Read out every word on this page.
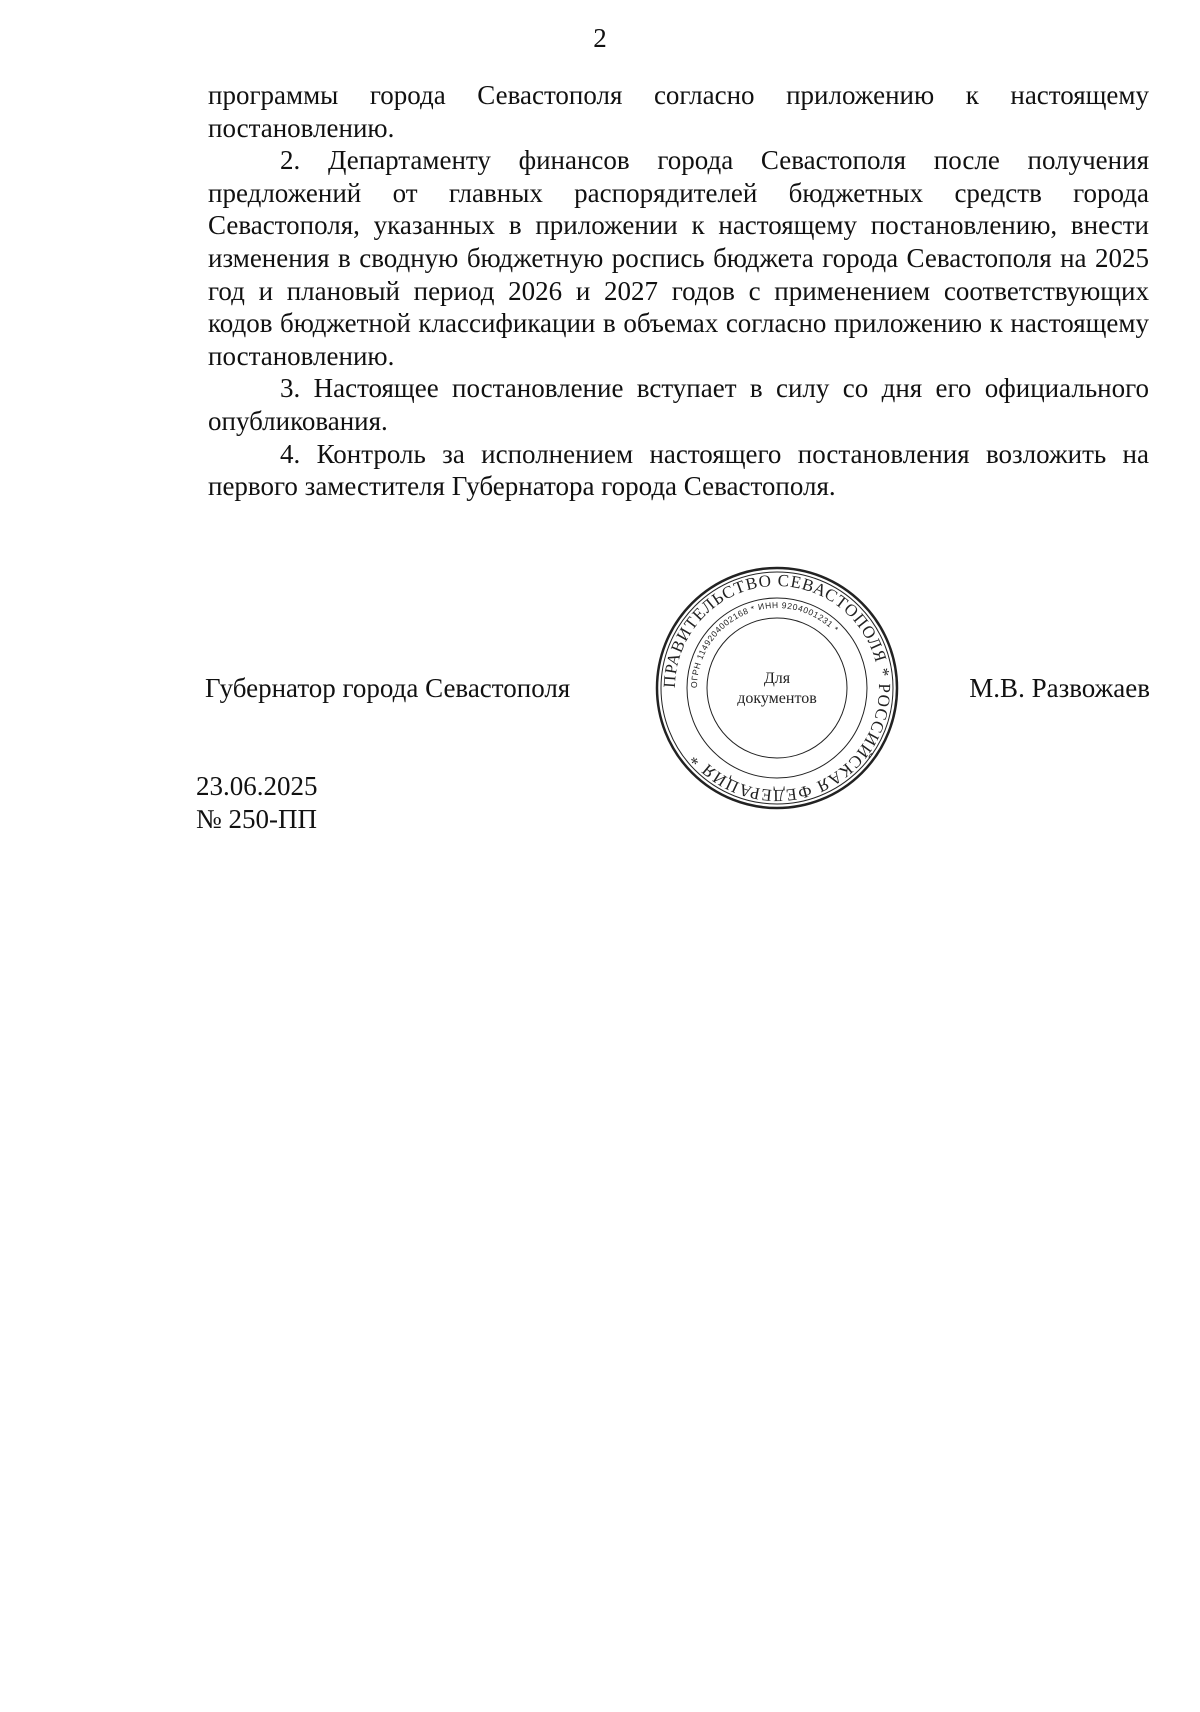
2

программы города Севастополя согласно приложению к настоящему постановлению.

2. Департаменту финансов города Севастополя после получения предложений от главных распорядителей бюджетных средств города Севастополя, указанных в приложении к настоящему постановлению, внести изменения в сводную бюджетную роспись бюджета города Севастополя на 2025 год и плановый период 2026 и 2027 годов с применением соответствующих кодов бюджетной классификации в объемах согласно приложению к настоящему постановлению.

3. Настоящее постановление вступает в силу со дня его официального опубликования.

4. Контроль за исполнением настоящего постановления возложить на первого заместителя Губернатора города Севастополя.

Губернатор города Севастополя	М.В. Развожаев
ПРАВИТЕЛЬСТВО СЕВАСТОПОЛЯ * РОССИЙСКАЯ ФЕДЕРАЦИЯ *
ОГРН 1149204002168 * ИНН 9204001231 *
Для
документов
23.06.2025
№ 250-ПП
